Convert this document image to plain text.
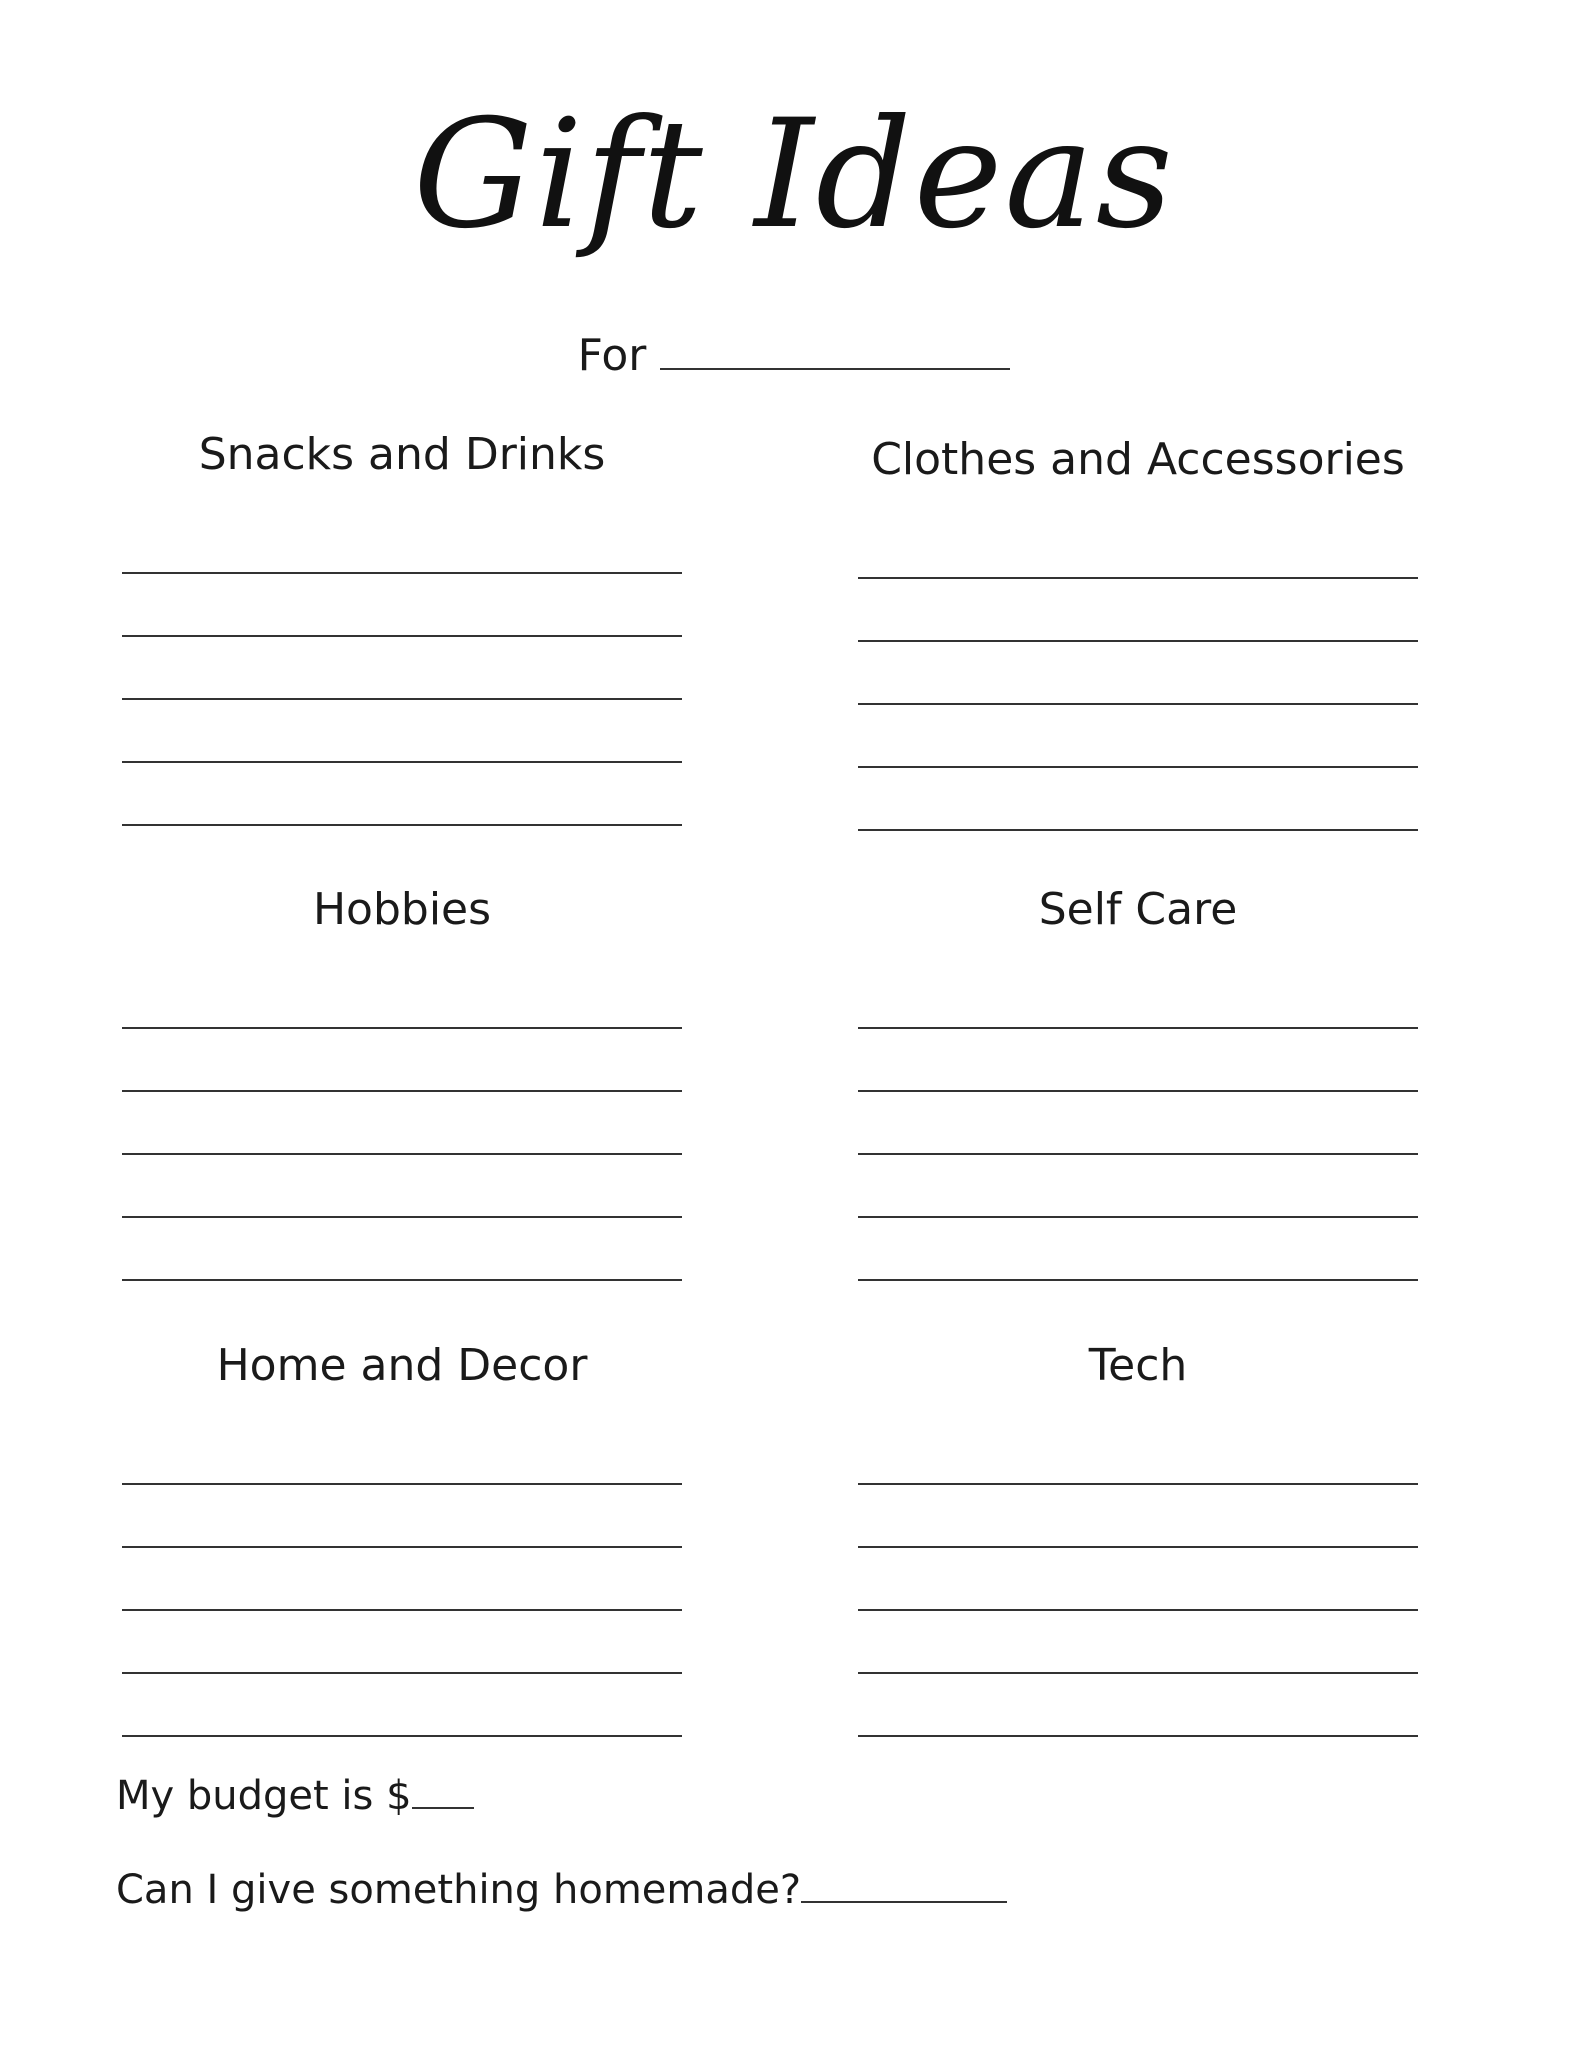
Gift Ideas
For
Snacks and Drinks	Clothes and Accessories
Hobbies	Self Care
Home and Decor	Tech
My budget is $
Can I give something homemade?
